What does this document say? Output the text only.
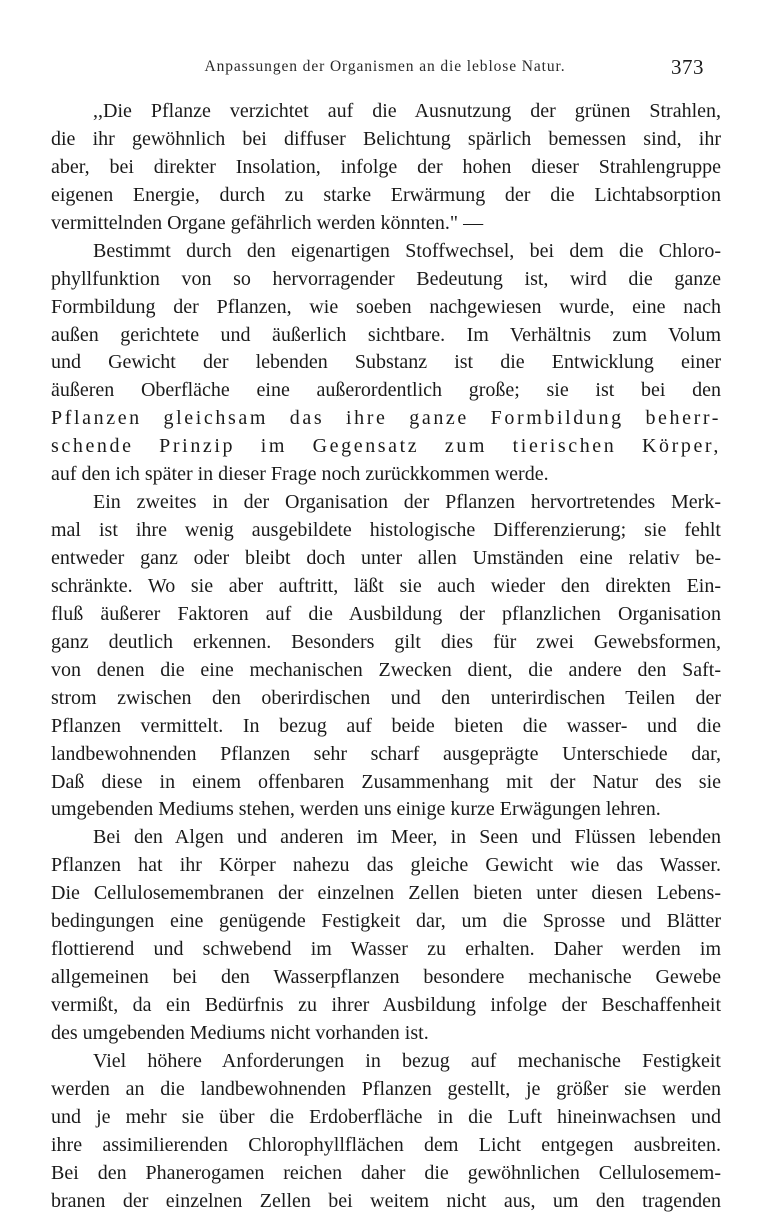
Anpassungen der Organismen an die leblose Natur.	373
,,Die Pflanze verzichtet auf die Ausnutzung der grünen Strahlen,
die ihr gewöhnlich bei diffuser Belichtung spärlich bemessen sind, ihr
aber, bei direkter Insolation, infolge der hohen dieser Strahlengruppe
eigenen Energie, durch zu starke Erwärmung der die Lichtabsorption
vermittelnden Organe gefährlich werden könnten." —
Bestimmt durch den eigenartigen Stoffwechsel, bei dem die Chloro-
phyllfunktion von so hervorragender Bedeutung ist, wird die ganze
Formbildung der Pflanzen, wie soeben nachgewiesen wurde, eine nach
außen gerichtete und äußerlich sichtbare. Im Verhältnis zum Volum
und Gewicht der lebenden Substanz ist die Entwicklung einer
äußeren Oberfläche eine außerordentlich große; sie ist bei den
Pflanzen gleichsam das ihre ganze Formbildung beherr-
schende Prinzip im Gegensatz zum tierischen Körper,
auf den ich später in dieser Frage noch zurückkommen werde.
Ein zweites in der Organisation der Pflanzen hervortretendes Merk-
mal ist ihre wenig ausgebildete histologische Differenzierung; sie fehlt
entweder ganz oder bleibt doch unter allen Umständen eine relativ be-
schränkte. Wo sie aber auftritt, läßt sie auch wieder den direkten Ein-
fluß äußerer Faktoren auf die Ausbildung der pflanzlichen Organisation
ganz deutlich erkennen. Besonders gilt dies für zwei Gewebsformen,
von denen die eine mechanischen Zwecken dient, die andere den Saft-
strom zwischen den oberirdischen und den unterirdischen Teilen der
Pflanzen vermittelt. In bezug auf beide bieten die wasser- und die
landbewohnenden Pflanzen sehr scharf ausgeprägte Unterschiede dar,
Daß diese in einem offenbaren Zusammenhang mit der Natur des sie
umgebenden Mediums stehen, werden uns einige kurze Erwägungen lehren.
Bei den Algen und anderen im Meer, in Seen und Flüssen lebenden
Pflanzen hat ihr Körper nahezu das gleiche Gewicht wie das Wasser.
Die Cellulosemembranen der einzelnen Zellen bieten unter diesen Lebens-
bedingungen eine genügende Festigkeit dar, um die Sprosse und Blätter
flottierend und schwebend im Wasser zu erhalten. Daher werden im
allgemeinen bei den Wasserpflanzen besondere mechanische Gewebe
vermißt, da ein Bedürfnis zu ihrer Ausbildung infolge der Beschaffenheit
des umgebenden Mediums nicht vorhanden ist.
Viel höhere Anforderungen in bezug auf mechanische Festigkeit
werden an die landbewohnenden Pflanzen gestellt, je größer sie werden
und je mehr sie über die Erdoberfläche in die Luft hineinwachsen und
ihre assimilierenden Chlorophyllflächen dem Licht entgegen ausbreiten.
Bei den Phanerogamen reichen daher die gewöhnlichen Cellulosemem-
branen der einzelnen Zellen bei weitem nicht aus, um den tragenden
